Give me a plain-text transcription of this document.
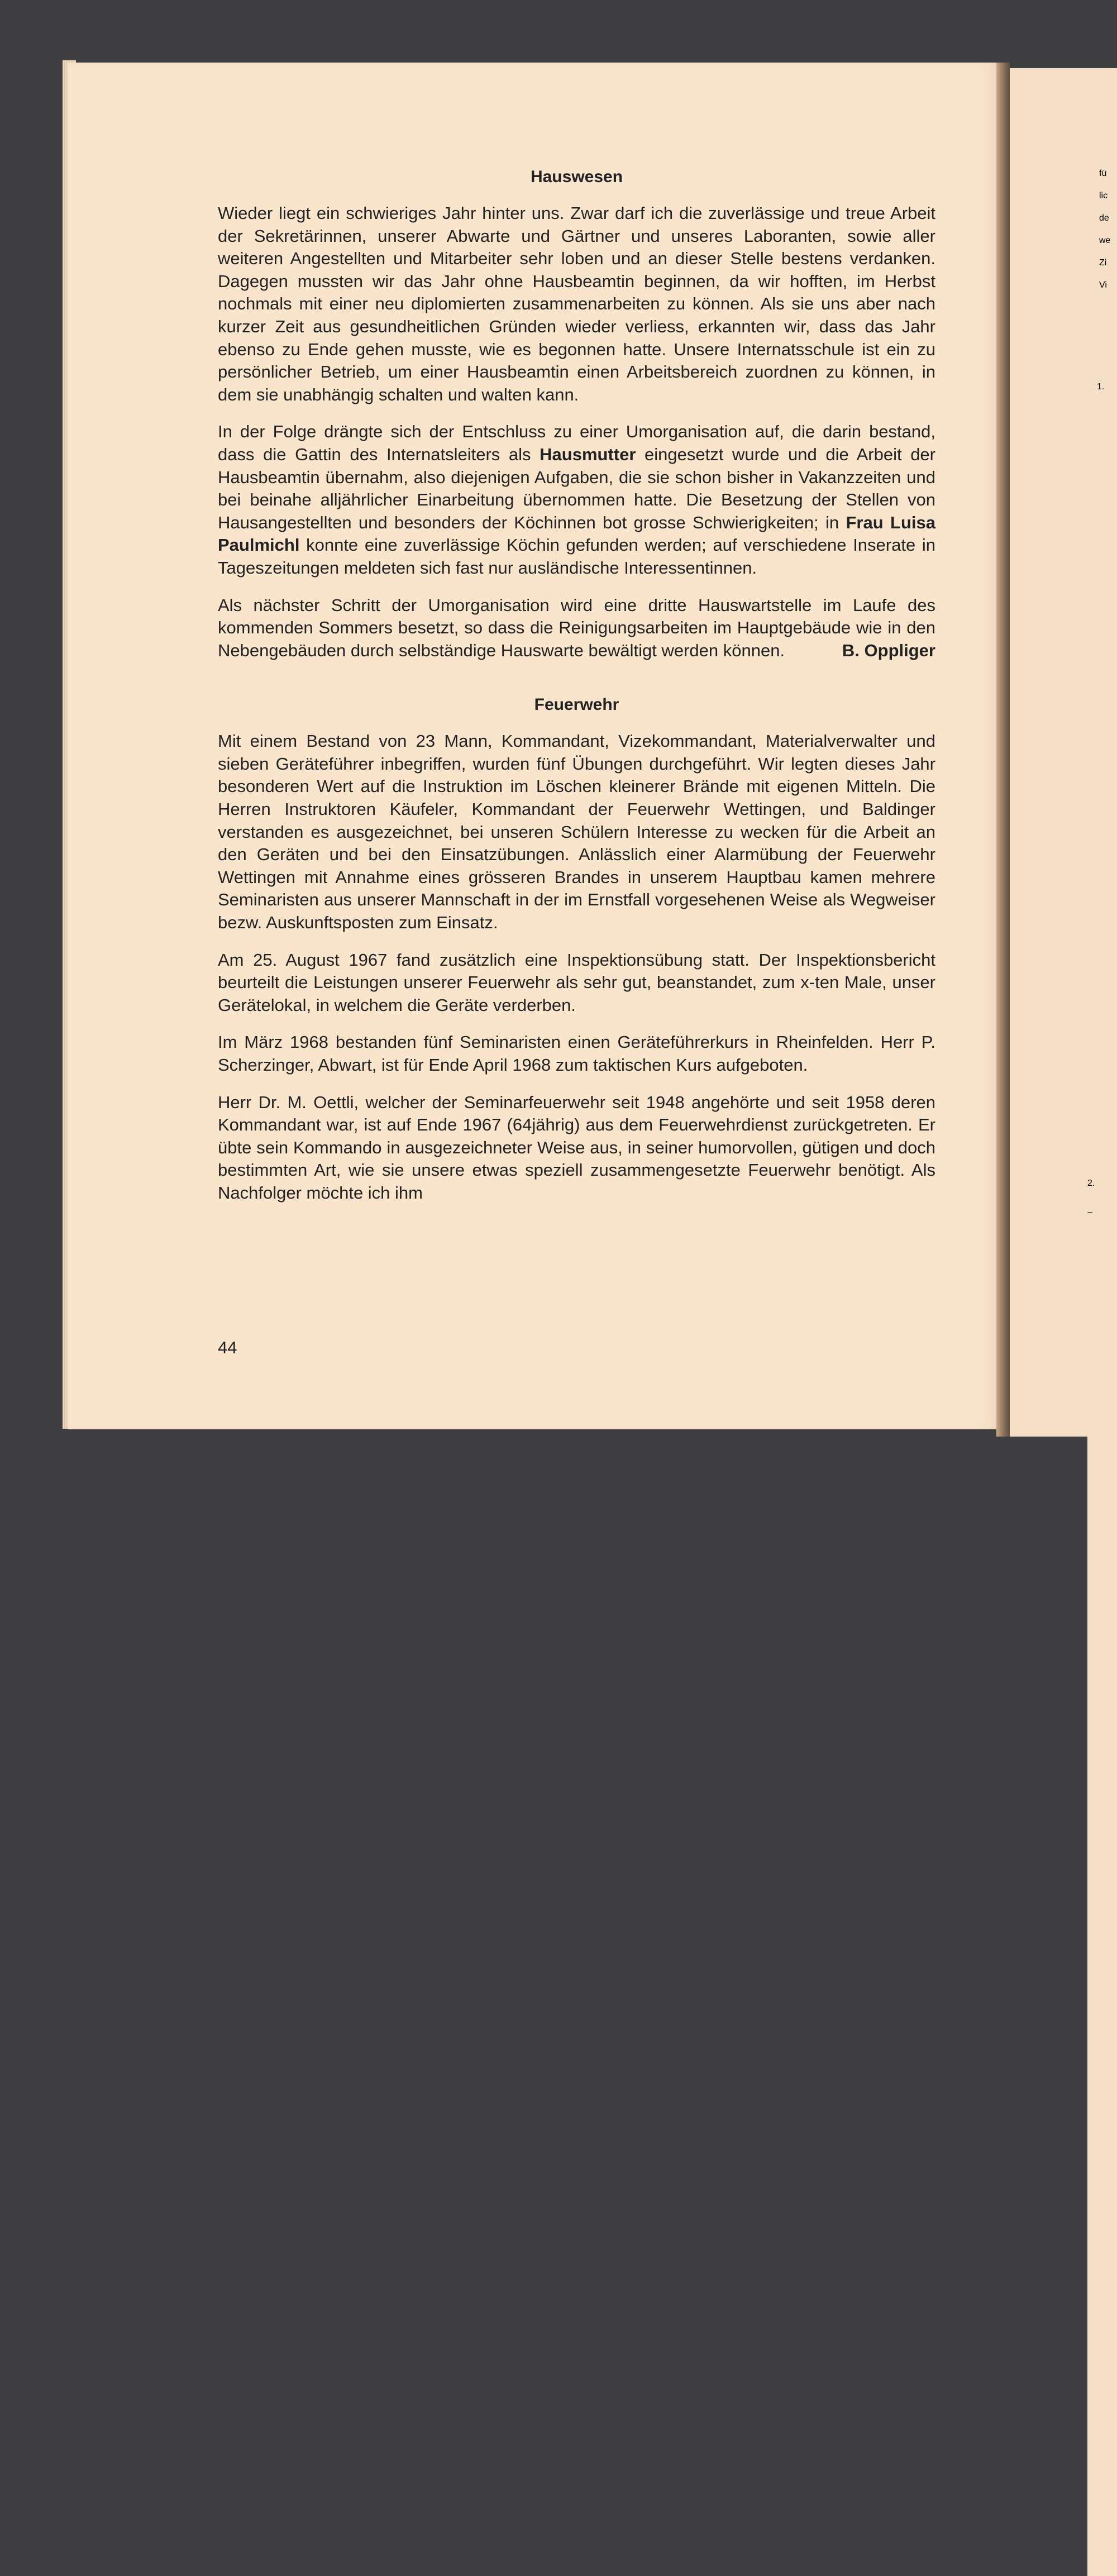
fü
lic
de
we
Zi
Vi
1.
2.
–
Hauswesen

Wieder liegt ein schwieriges Jahr hinter uns. Zwar darf ich die zuverlässige und treue Arbeit der Sekretärinnen, unserer Abwarte und Gärtner und unseres Laboranten, sowie aller weiteren Angestellten und Mitarbeiter sehr loben und an dieser Stelle bestens verdanken. Dagegen mussten wir das Jahr ohne Hausbeamtin beginnen, da wir hofften, im Herbst nochmals mit einer neu diplomierten zusammenarbeiten zu können. Als sie uns aber nach kurzer Zeit aus gesundheitlichen Gründen wieder verliess, erkannten wir, dass das Jahr ebenso zu Ende gehen musste, wie es begonnen hatte. Unsere Internatsschule ist ein zu persönlicher Betrieb, um einer Hausbeamtin einen Arbeitsbereich zuordnen zu können, in dem sie unabhängig schalten und walten kann.

In der Folge drängte sich der Entschluss zu einer Umorganisation auf, die darin bestand, dass die Gattin des Internatsleiters als Hausmutter eingesetzt wurde und die Arbeit der Hausbeamtin übernahm, also diejenigen Aufgaben, die sie schon bisher in Vakanzzeiten und bei beinahe alljährlicher Einarbeitung übernommen hatte. Die Besetzung der Stellen von Hausangestellten und besonders der Köchinnen bot grosse Schwierigkeiten; in Frau Luisa Paulmichl konnte eine zuverlässige Köchin gefunden werden; auf verschiedene Inserate in Tageszeitungen meldeten sich fast nur ausländische Interessentinnen.

Als nächster Schritt der Umorganisation wird eine dritte Hauswartstelle im Laufe des kommenden Sommers besetzt, so dass die Reinigungsarbeiten im Hauptgebäude wie in den Nebengebäuden durch selbständige Hauswarte bewältigt werden können.	B. Oppliger

Feuerwehr

Mit einem Bestand von 23 Mann, Kommandant, Vizekommandant, Materialverwalter und sieben Geräteführer inbegriffen, wurden fünf Übungen durchgeführt. Wir legten dieses Jahr besonderen Wert auf die Instruktion im Löschen kleinerer Brände mit eigenen Mitteln. Die Herren Instruktoren Käufeler, Kommandant der Feuerwehr Wettingen, und Baldinger verstanden es ausgezeichnet, bei unseren Schülern Interesse zu wecken für die Arbeit an den Geräten und bei den Einsatzübungen. Anlässlich einer Alarmübung der Feuerwehr Wettingen mit Annahme eines grösseren Brandes in unserem Hauptbau kamen mehrere Seminaristen aus unserer Mannschaft in der im Ernstfall vorgesehenen Weise als Wegweiser bezw. Auskunftsposten zum Einsatz.

Am 25. August 1967 fand zusätzlich eine Inspektionsübung statt. Der Inspektionsbericht beurteilt die Leistungen unserer Feuerwehr als sehr gut, beanstandet, zum x-ten Male, unser Gerätelokal, in welchem die Geräte verderben.

Im März 1968 bestanden fünf Seminaristen einen Geräteführerkurs in Rheinfelden. Herr P. Scherzinger, Abwart, ist für Ende April 1968 zum taktischen Kurs aufgeboten.

Herr Dr. M. Oettli, welcher der Seminarfeuerwehr seit 1948 angehörte und seit 1958 deren Kommandant war, ist auf Ende 1967 (64jährig) aus dem Feuerwehrdienst zurückgetreten. Er übte sein Kommando in ausgezeichneter Weise aus, in seiner humorvollen, gütigen und doch bestimmten Art, wie sie unsere etwas speziell zusammengesetzte Feuerwehr benötigt. Als Nachfolger möchte ich ihm

44
